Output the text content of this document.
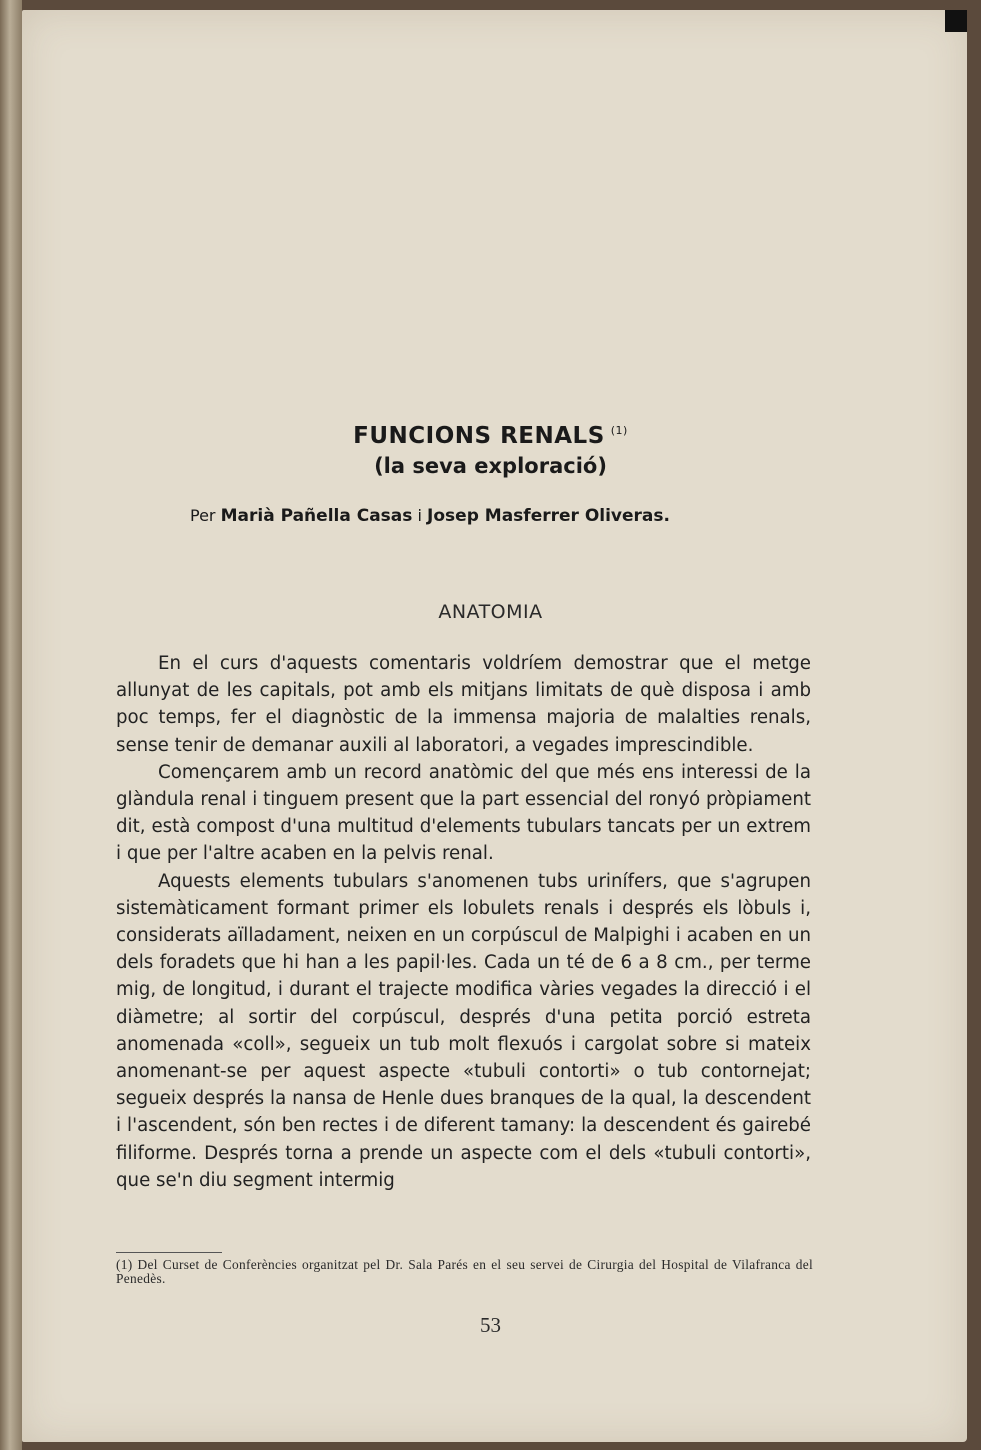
FUNCIONS RENALS $^{(1)}$
(la seva exploració)
Per Marià Pañella Casas i Josep Masferrer Oliveras.
ANATOMIA

En el curs d'aquests comentaris voldríem demostrar que el metge allunyat de les capitals, pot amb els mitjans limitats de què disposa i amb poc temps, fer el diagnòstic de la immensa majoria de malalties renals, sense tenir de demanar auxili al laboratori, a vegades imprescindible.

Començarem amb un record anatòmic del que més ens interessi de la glàndula renal i tinguem present que la part essencial del ronyó pròpiament dit, està compost d'una multitud d'elements tubulars tancats per un extrem i que per l'altre acaben en la pelvis renal.

Aquests elements tubulars s'anomenen tubs urinífers, que s'agrupen sistemàticament formant primer els lobulets renals i després els lòbuls i, considerats aïlladament, neixen en un corpúscul de Malpighi i acaben en un dels foradets que hi han a les papil·les. Cada un té de 6 a 8 cm., per terme mig, de longitud, i durant el trajecte modifica vàries vegades la direcció i el diàmetre; al sortir del corpúscul, després d'una petita porció estreta anomenada «coll», segueix un tub molt flexuós i cargolat sobre si mateix anomenant-se per aquest aspecte «tubuli contorti» o tub contornejat; segueix després la nansa de Henle dues branques de la qual, la descendent i l'ascendent, són ben rectes i de diferent tamany: la descendent és gairebé filiforme. Després torna a prende un aspecte com el dels «tubuli contorti», que se'n diu segment intermig

(1) Del Curset de Conferències organitzat pel Dr. Sala Parés en el seu servei de Cirurgia del Hospital de Vilafranca del Penedès.
53
